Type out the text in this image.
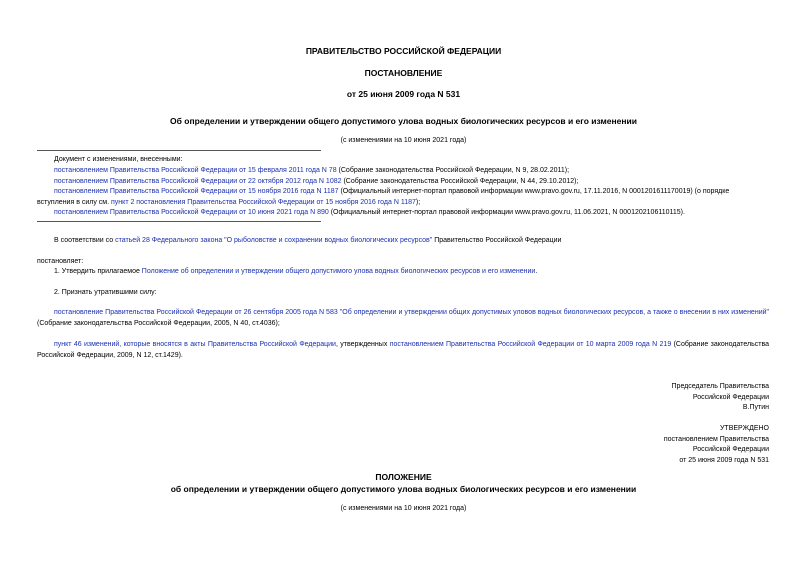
ПРАВИТЕЛЬСТВО РОССИЙСКОЙ ФЕДЕРАЦИИ
ПОСТАНОВЛЕНИЕ
от 25 июня 2009 года N 531
Об определении и утверждении общего допустимого улова водных биологических ресурсов и его изменении
(с изменениями на 10 июня 2021 года)
Документ с изменениями, внесенными:
постановлением Правительства Российской Федерации от 15 февраля 2011 года N 78 (Собрание законодательства Российской Федерации, N 9, 28.02.2011);
постановлением Правительства Российской Федерации от 22 октября 2012 года N 1082 (Собрание законодательства Российской Федерации, N 44, 29.10.2012);
постановлением Правительства Российской Федерации от 15 ноября 2016 года N 1187 (Официальный интернет-портал правовой информации www.pravo.gov.ru, 17.11.2016, N 0001201611170019) (о порядке
вступления в силу см. пункт 2 постановления Правительства Российской Федерации от 15 ноября 2016 года N 1187);
постановлением Правительства Российской Федерации от 10 июня 2021 года N 890 (Официальный интернет-портал правовой информации www.pravo.gov.ru, 11.06.2021, N 0001202106110115).
В соответствии со статьей 28 Федерального закона "О рыболовстве и сохранении водных биологических ресурсов" Правительство Российской Федерации
постановляет:
1. Утвердить прилагаемое Положение об определении и утверждении общего допустимого улова водных биологических ресурсов и его изменении.
2. Признать утратившими силу:
постановление Правительства Российской Федерации от 26 сентября 2005 года N 583 "Об определении и утверждении общих допустимых уловов водных биологических ресурсов, а также о внесении в них изменений" (Собрание законодательства Российской Федерации, 2005, N 40, ст.4036);
пункт 46 изменений, которые вносятся в акты Правительства Российской Федерации, утвержденных постановлением Правительства Российской Федерации от 10 марта 2009 года N 219 (Собрание законодательства Российской Федерации, 2009, N 12, ст.1429).
Председатель Правительства
Российской Федерации
В.Путин
УТВЕРЖДЕНО
постановлением Правительства
Российской Федерации
от 25 июня 2009 года N 531
ПОЛОЖЕНИЕ
об определении и утверждении общего допустимого улова водных биологических ресурсов и его изменении
(с изменениями на 10 июня 2021 года)
